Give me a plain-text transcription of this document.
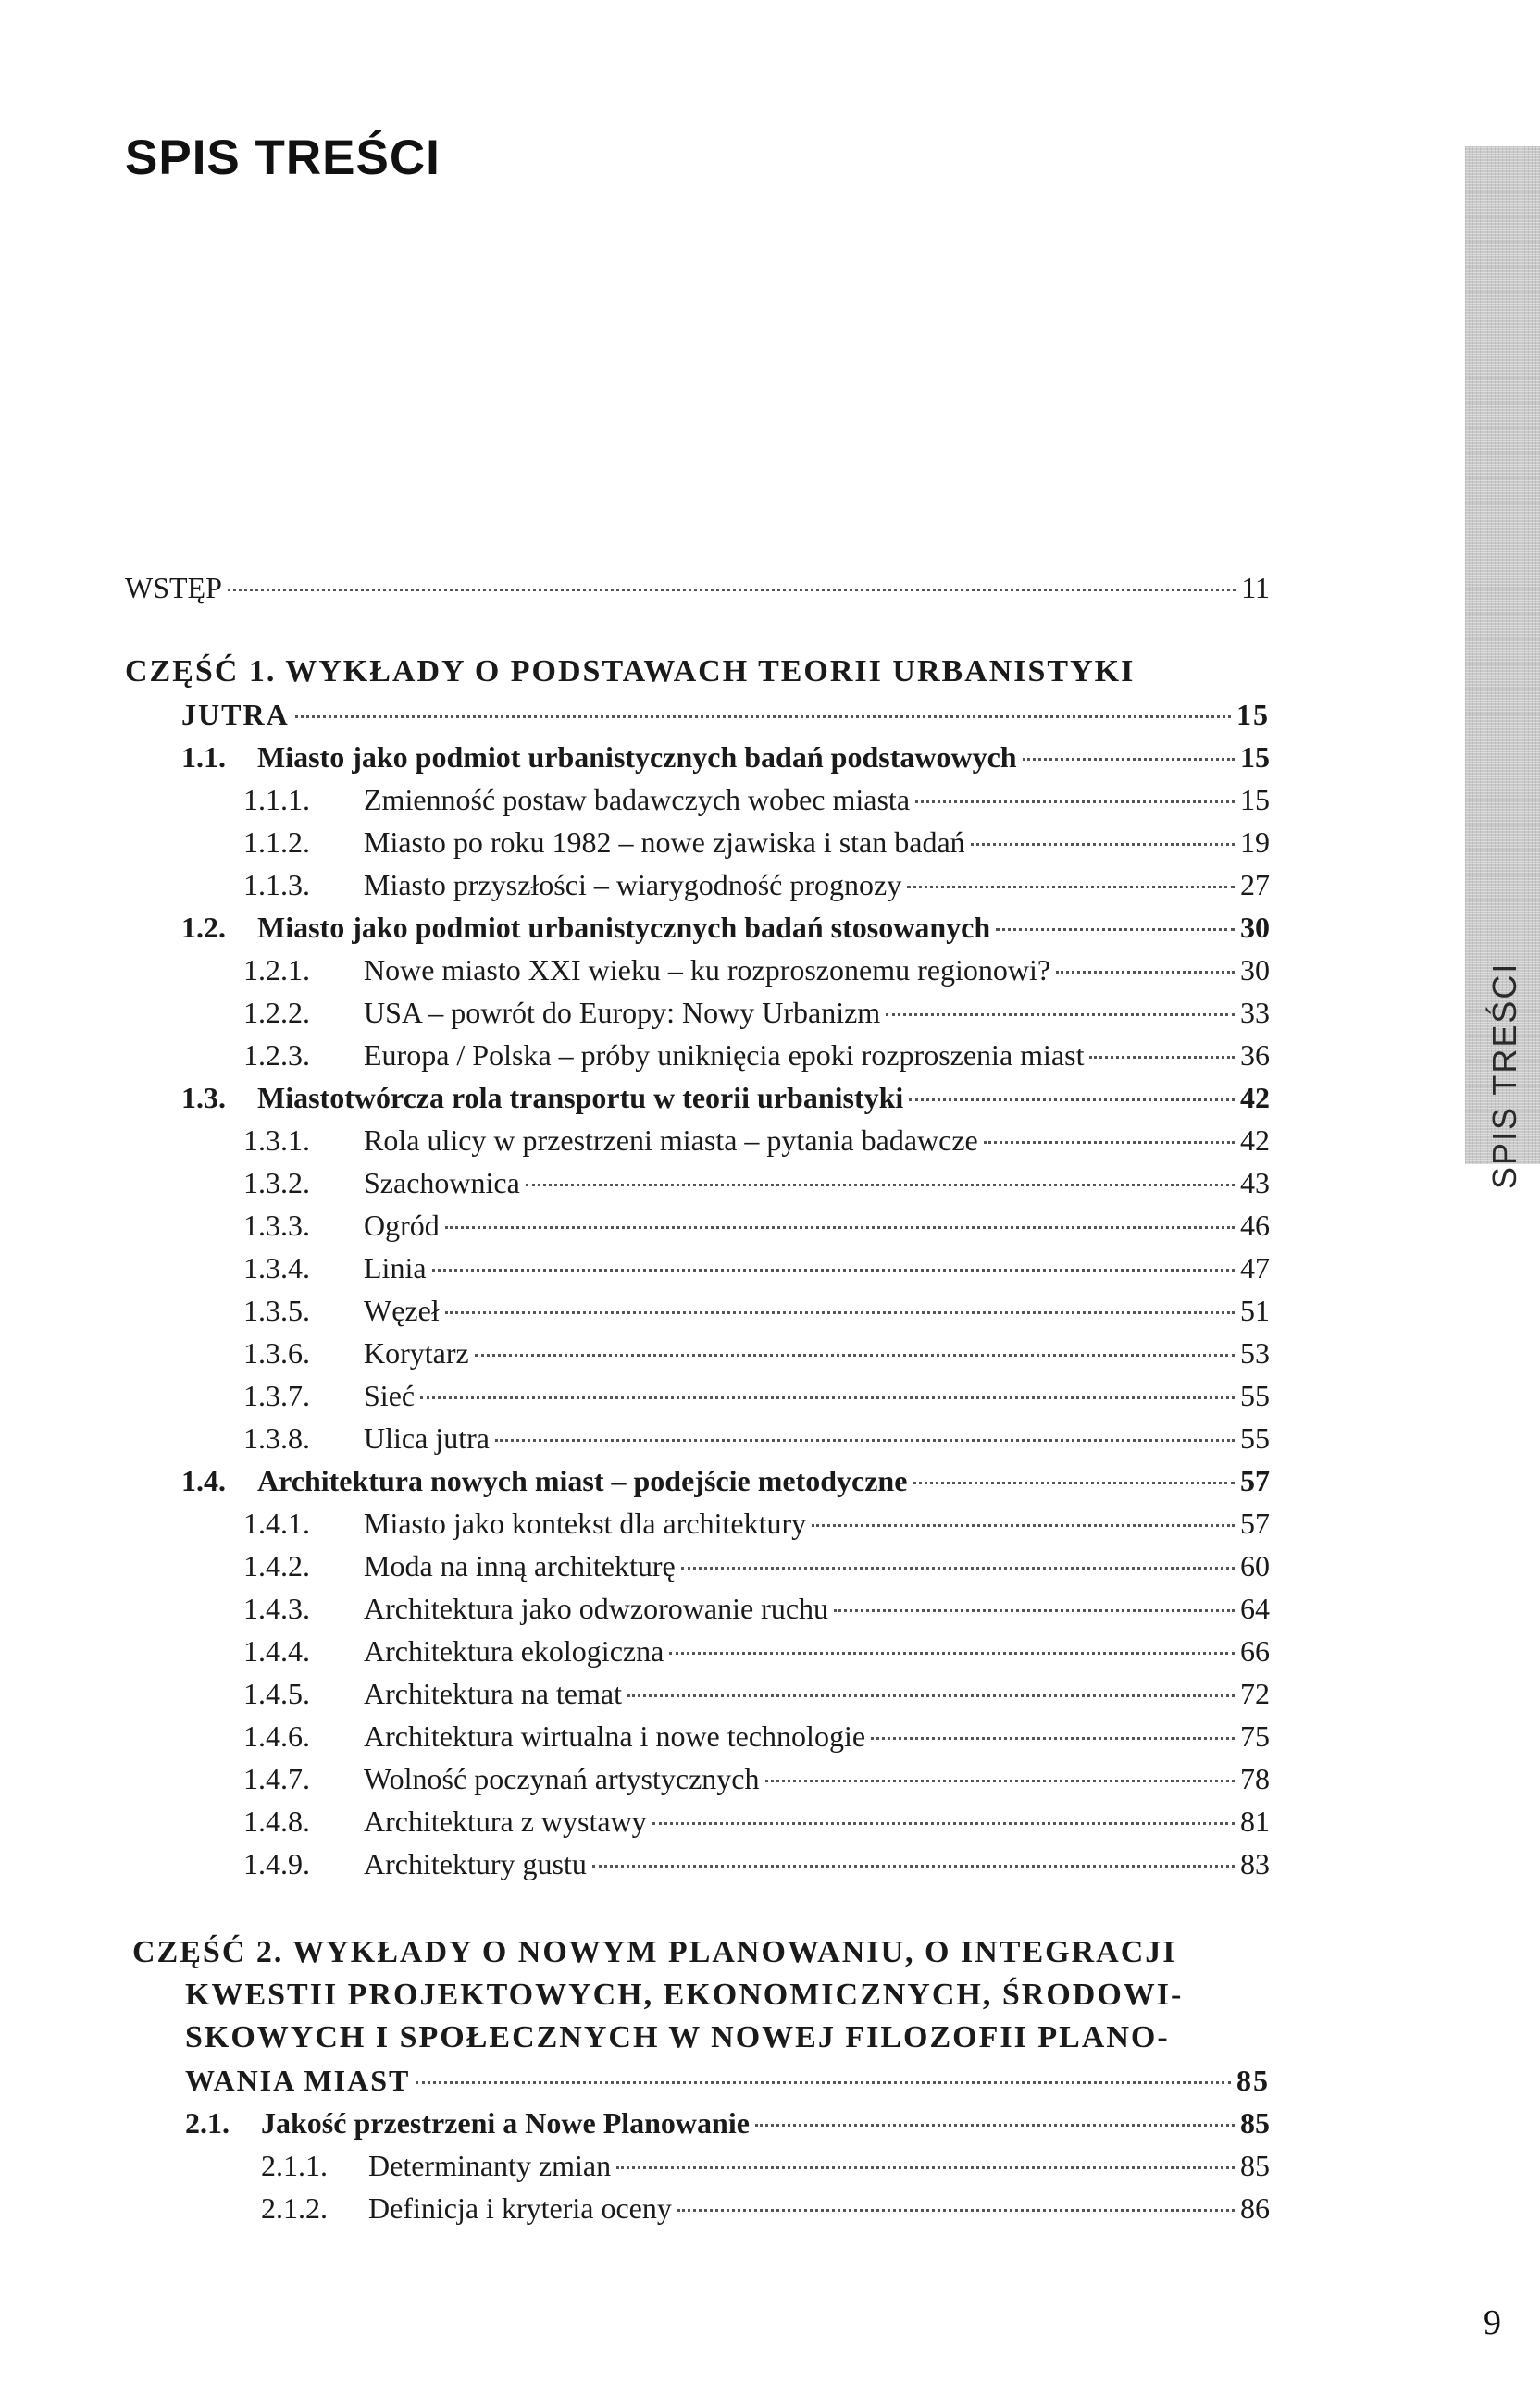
SPIS TREŚCI
SPIS TREŚCI
WSTĘP	11
CZĘŚĆ 1. WYKŁADY O PODSTAWACH TEORII URBANISTYKI
JUTRA	15
1.1.	Miasto jako podmiot urbanistycznych badań podstawowych	15
1.1.1.	Zmienność postaw badawczych wobec miasta	15
1.1.2.	Miasto po roku 1982 – nowe zjawiska i stan badań	19
1.1.3.	Miasto przyszłości – wiarygodność prognozy	27
1.2.	Miasto jako podmiot urbanistycznych badań stosowanych	30
1.2.1.	Nowe miasto XXI wieku – ku rozproszonemu regionowi?	30
1.2.2.	USA – powrót do Europy: Nowy Urbanizm	33
1.2.3.	Europa / Polska – próby uniknięcia epoki rozproszenia miast	36
1.3.	Miastotwórcza rola transportu w teorii urbanistyki	42
1.3.1.	Rola ulicy w przestrzeni miasta – pytania badawcze	42
1.3.2.	Szachownica	43
1.3.3.	Ogród	46
1.3.4.	Linia	47
1.3.5.	Węzeł	51
1.3.6.	Korytarz	53
1.3.7.	Sieć	55
1.3.8.	Ulica jutra	55
1.4.	Architektura nowych miast – podejście metodyczne	57
1.4.1.	Miasto jako kontekst dla architektury	57
1.4.2.	Moda na inną architekturę	60
1.4.3.	Architektura jako odwzorowanie ruchu	64
1.4.4.	Architektura ekologiczna	66
1.4.5.	Architektura na temat	72
1.4.6.	Architektura wirtualna i nowe technologie	75
1.4.7.	Wolność poczynań artystycznych	78
1.4.8.	Architektura z wystawy	81
1.4.9.	Architektury gustu	83
CZĘŚĆ 2. WYKŁADY O NOWYM PLANOWANIU, O INTEGRACJI
KWESTII PROJEKTOWYCH, EKONOMICZNYCH, ŚRODOWI-
SKOWYCH I SPOŁECZNYCH W NOWEJ FILOZOFII PLANO-
WANIA MIAST	85
2.1.	Jakość przestrzeni a Nowe Planowanie	85
2.1.1.	Determinanty zmian	85
2.1.2.	Definicja i kryteria oceny	86
9
